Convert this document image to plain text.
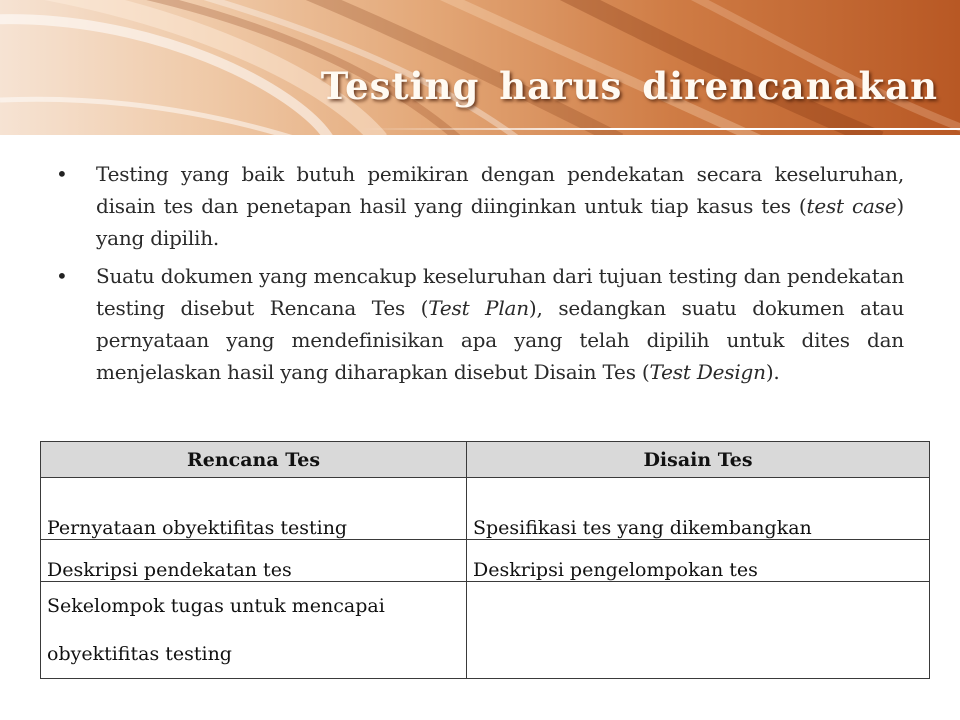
Testing harus direncanakan
• Testing yang baik butuh pemikiran dengan pendekatan secara keseluruhan, disain tes dan penetapan hasil yang diinginkan untuk tiap kasus tes (test case) yang dipilih.

• Suatu dokumen yang mencakup keseluruhan dari tujuan testing dan pendekatan testing disebut Rencana Tes (Test Plan), sedangkan suatu dokumen atau pernyataan yang mendefinisikan apa yang telah dipilih untuk dites dan menjelaskan hasil yang diharapkan disebut Disain Tes (Test Design).

Rencana Tes	Disain Tes
Pernyataan obyektifitas testing	Spesifikasi tes yang dikembangkan
Deskripsi pendekatan tes	Deskripsi pengelompokan tes
Sekelompok tugas untuk mencapai obyektifitas testing	
